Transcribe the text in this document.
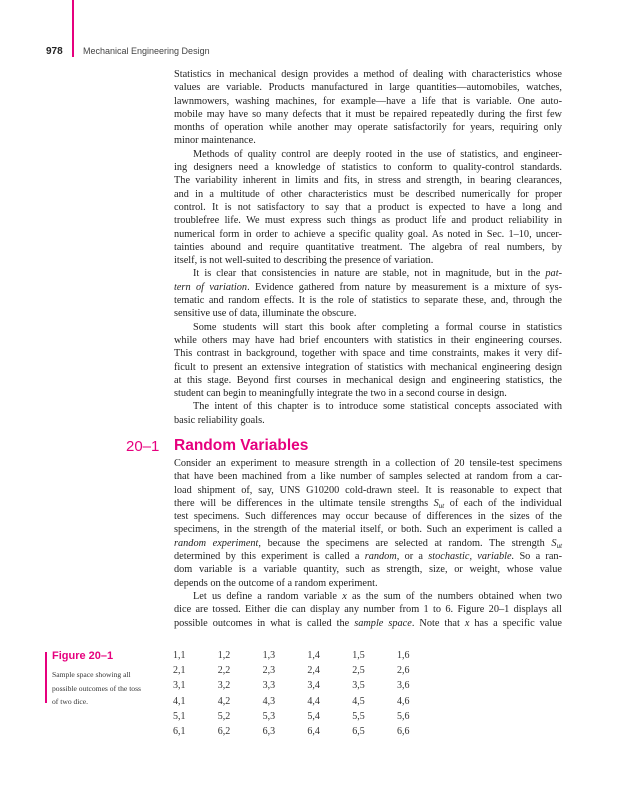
978 Mechanical Engineering Design
Statistics in mechanical design provides a method of dealing with characteristics whose
values are variable. Products manufactured in large quantities—automobiles, watches,
lawnmowers, washing machines, for example—have a life that is variable. One auto-
mobile may have so many defects that it must be repaired repeatedly during the first few
months of operation while another may operate satisfactorily for years, requiring only
minor maintenance.
Methods of quality control are deeply rooted in the use of statistics, and engineer-
ing designers need a knowledge of statistics to conform to quality-control standards.
The variability inherent in limits and fits, in stress and strength, in bearing clearances,
and in a multitude of other characteristics must be described numerically for proper
control. It is not satisfactory to say that a product is expected to have a long and
troublefree life. We must express such things as product life and product reliability in
numerical form in order to achieve a specific quality goal. As noted in Sec. 1–10, uncer-
tainties abound and require quantitative treatment. The algebra of real numbers, by
itself, is not well-suited to describing the presence of variation.
It is clear that consistencies in nature are stable, not in magnitude, but in the pat-
tern of variation. Evidence gathered from nature by measurement is a mixture of sys-
tematic and random effects. It is the role of statistics to separate these, and, through the
sensitive use of data, illuminate the obscure.
Some students will start this book after completing a formal course in statistics
while others may have had brief encounters with statistics in their engineering courses.
This contrast in background, together with space and time constraints, makes it very dif-
ficult to present an extensive integration of statistics with mechanical engineering design
at this stage. Beyond first courses in mechanical design and engineering statistics, the
student can begin to meaningfully integrate the two in a second course in design.
The intent of this chapter is to introduce some statistical concepts associated with
basic reliability goals.
20–1 Random Variables
Consider an experiment to measure strength in a collection of 20 tensile-test specimens
that have been machined from a like number of samples selected at random from a car-
load shipment of, say, UNS G10200 cold-drawn steel. It is reasonable to expect that
there will be differences in the ultimate tensile strengths $S_{ut}$ of each of the individual
test specimens. Such differences may occur because of differences in the sizes of the
specimens, in the strength of the material itself, or both. Such an experiment is called a
random experiment, because the specimens are selected at random. The strength $S_{ut}$
determined by this experiment is called a random, or a stochastic, variable. So a ran-
dom variable is a variable quantity, such as strength, size, or weight, whose value
depends on the outcome of a random experiment.
Let us define a random variable x as the sum of the numbers obtained when two
dice are tossed. Either die can display any number from 1 to 6. Figure 20–1 displays all
possible outcomes in what is called the sample space. Note that x has a specific value
Figure 20–1
Sample space showing all
possible outcomes of the toss
of two dice.
1,1	1,2	1,3	1,4	1,5	1,6
2,1	2,2	2,3	2,4	2,5	2,6
3,1	3,2	3,3	3,4	3,5	3,6
4,1	4,2	4,3	4,4	4,5	4,6
5,1	5,2	5,3	5,4	5,5	5,6
6,1	6,2	6,3	6,4	6,5	6,6
